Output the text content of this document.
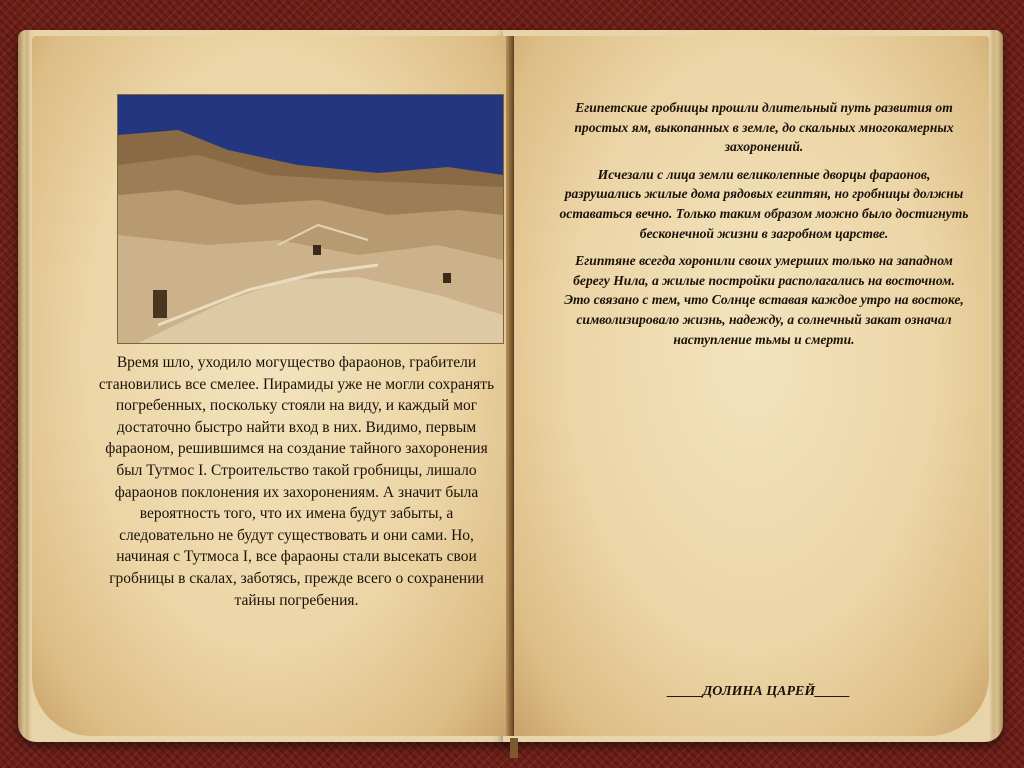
Время шло, уходило могущество фараонов, грабители становились все смелее. Пирамиды уже не могли сохранять погребенных, поскольку стояли на виду, и каждый мог достаточно быстро найти вход в них. Видимо, первым фараоном, решившимся на создание тайного захоронения был Тутмос I. Строительство такой гробницы, лишало фараонов поклонения их захоронениям. А значит была вероятность того, что их имена будут забыты, а следовательно не будут существовать и они сами. Но, начиная с Тутмоса I, все фараоны стали высекать свои гробницы в скалах, заботясь, прежде всего о сохранении тайны погребения.

Египетские гробницы прошли длительный путь развития от простых ям, выкопанных в земле, до скальных многокамерных захоронений.

Исчезали с лица земли великолепные дворцы фараонов, разрушались жилые дома рядовых египтян, но гробницы должны оставаться вечно. Только таким образом можно было достигнуть бесконечной жизни в загробном царстве.

Египтяне всегда хоронили своих умерших только на западном берегу Нила, а жилые постройки располагались на восточном. Это связано с тем, что Солнце вставая каждое утро на востоке, символизировало жизнь, надежду, а солнечный закат означал наступление тьмы и смерти.

_____ДОЛИНА ЦАРЕЙ_____
